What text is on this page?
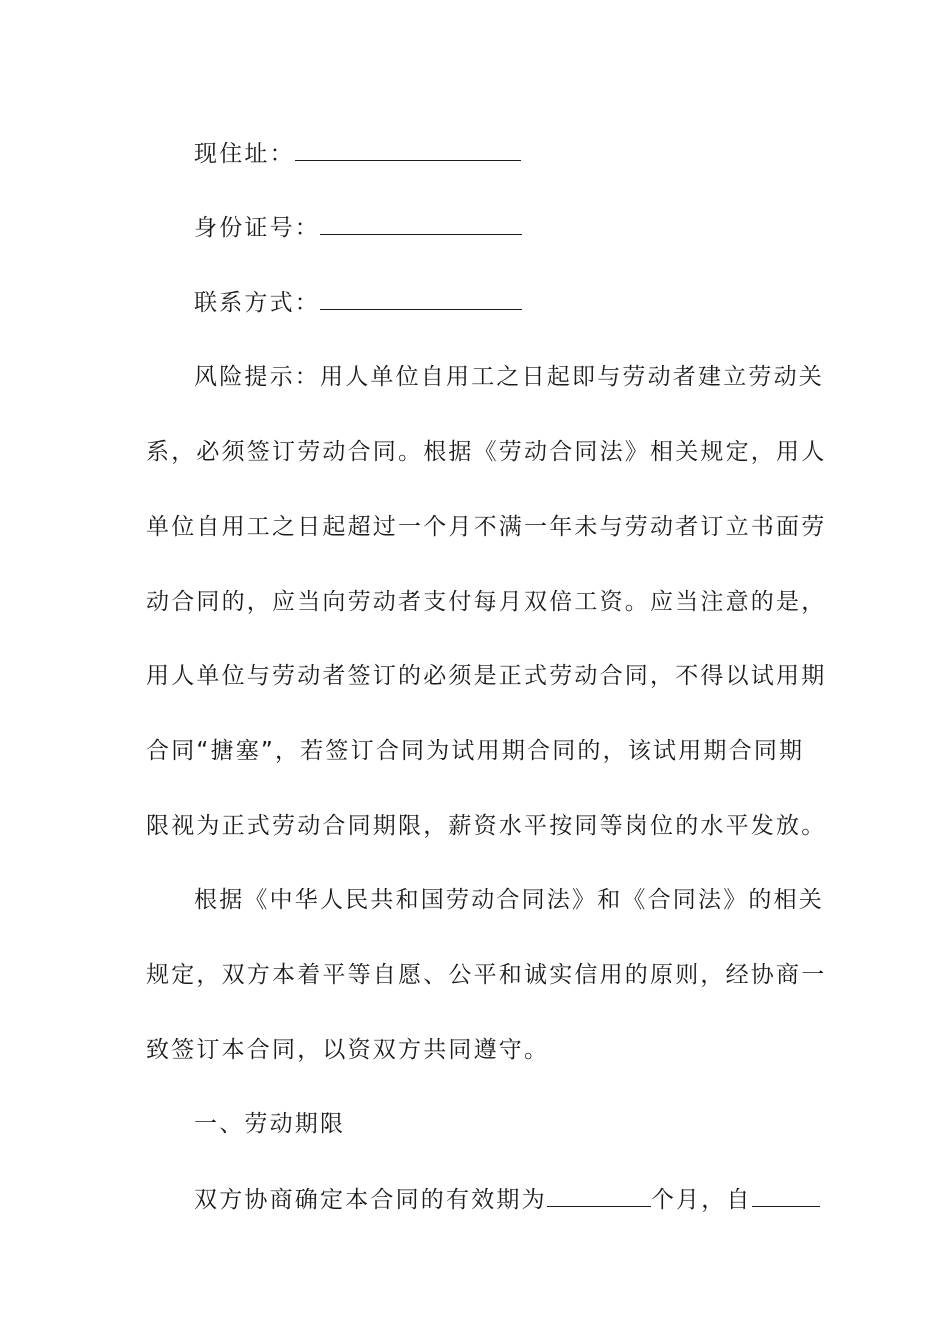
现住址：
身份证号：
联系方式：
风险提示：用人单位自用工之日起即与劳动者建立劳动关
系，必须签订劳动合同。根据《劳动合同法》相关规定，用人
单位自用工之日起超过一个月不满一年未与劳动者订立书面劳
动合同的，应当向劳动者支付每月双倍工资。应当注意的是，
用人单位与劳动者签订的必须是正式劳动合同，不得以试用期
合同“搪塞”，若签订合同为试用期合同的，该试用期合同期
限视为正式劳动合同期限，薪资水平按同等岗位的水平发放。
根据《中华人民共和国劳动合同法》和《合同法》的相关
规定，双方本着平等自愿、公平和诚实信用的原则，经协商一
致签订本合同，以资双方共同遵守。
一、劳动期限
双方协商确定本合同的有效期为	个月，自
